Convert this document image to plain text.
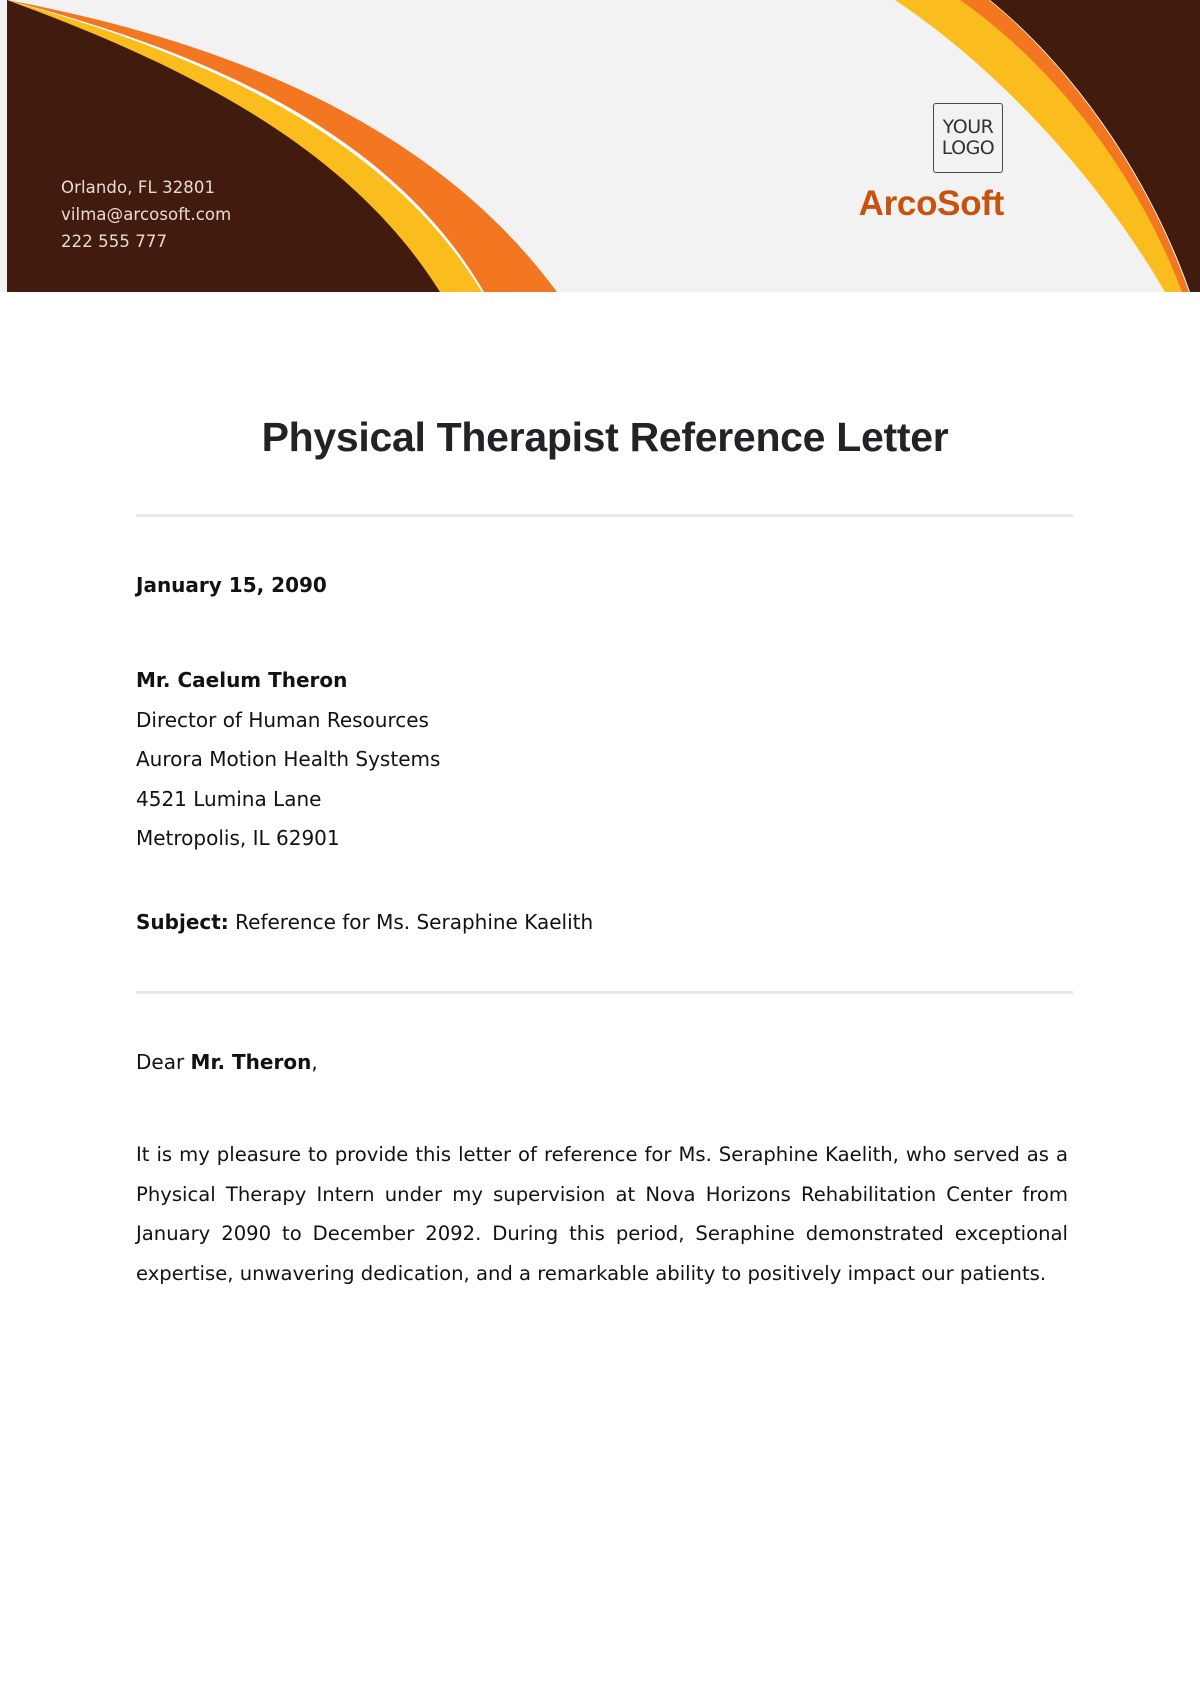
Orlando, FL 32801
vilma@arcosoft.com
222 555 777
YOUR
LOGO
ArcoSoft
Physical Therapist Reference Letter
January 15, 2090
Mr. Caelum Theron
Director of Human Resources
Aurora Motion Health Systems
4521 Lumina Lane
Metropolis, IL 62901
Subject: Reference for Ms. Seraphine Kaelith
Dear Mr. Theron,
It is my pleasure to provide this letter of reference for Ms. Seraphine Kaelith, who served as a Physical Therapy Intern under my supervision at Nova Horizons Rehabilitation Center from January 2090 to December 2092. During this period, Seraphine demonstrated exceptional expertise, unwavering dedication, and a remarkable ability to positively impact our patients.
